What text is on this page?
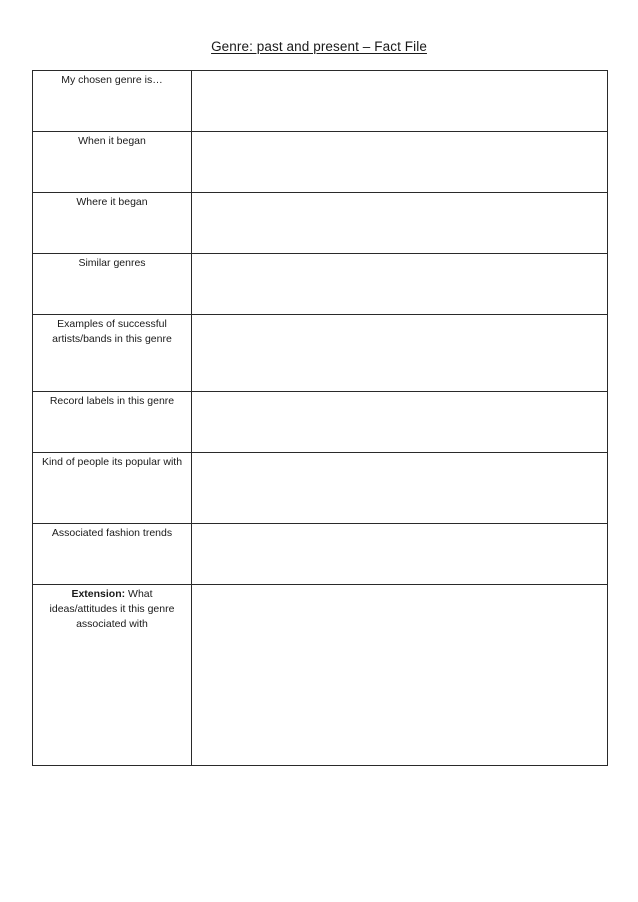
Genre: past and present – Fact File
My chosen genre is…	
When it began	
Where it began	
Similar genres	
Examples of successful artists/bands in this genre	
Record labels in this genre	
Kind of people its popular with	
Associated fashion trends	
Extension: What ideas/attitudes it this genre associated with	
